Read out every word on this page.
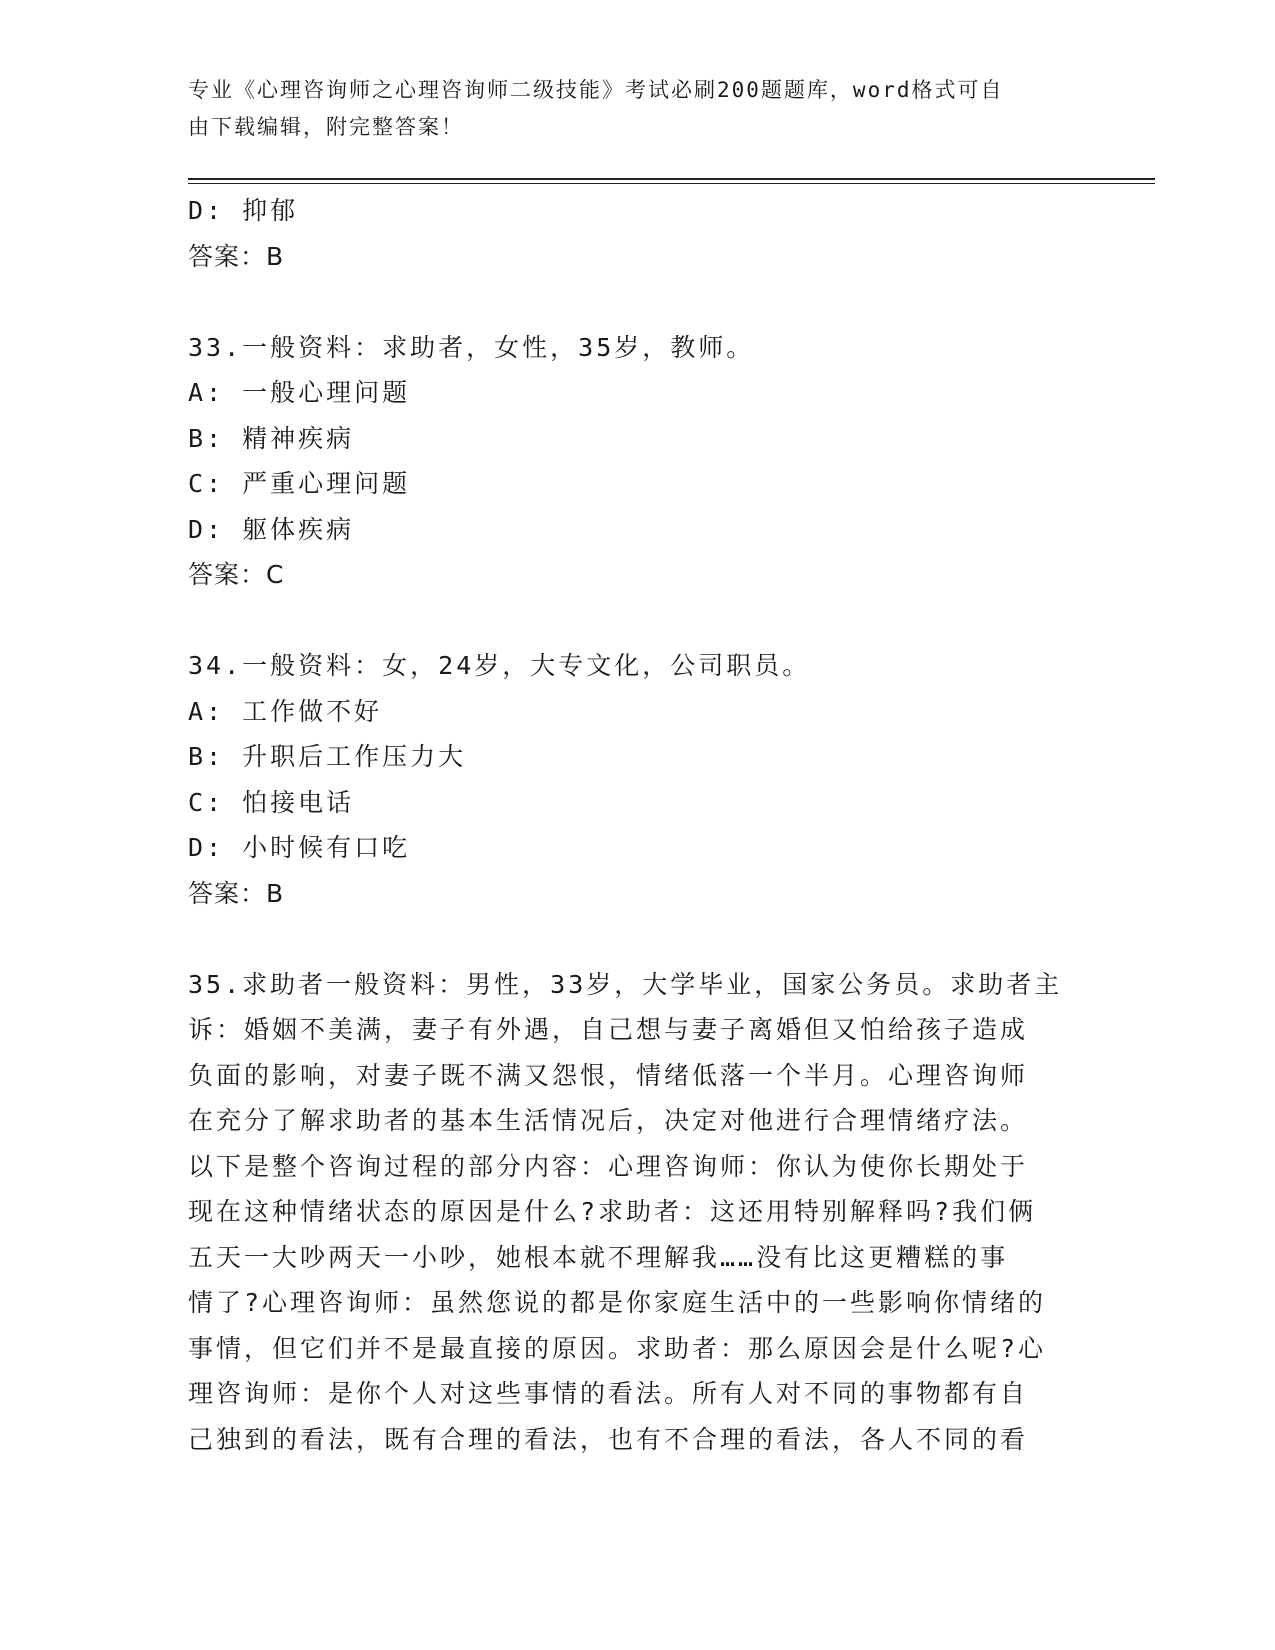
专业《心理咨询师之心理咨询师二级技能》考试必刷200题题库，word格式可自
由下载编辑，附完整答案！

D: 抑郁

答案：B

33.一般资料：求助者，女性，35岁，教师。

A: 一般心理问题

B: 精神疾病

C: 严重心理问题

D: 躯体疾病

答案：C

34.一般资料：女，24岁，大专文化，公司职员。

A: 工作做不好

B: 升职后工作压力大

C: 怕接电话

D: 小时候有口吃

答案：B

35.求助者一般资料：男性，33岁，大学毕业，国家公务员。求助者主

诉：婚姻不美满，妻子有外遇，自己想与妻子离婚但又怕给孩子造成

负面的影响，对妻子既不满又怨恨，情绪低落一个半月。心理咨询师

在充分了解求助者的基本生活情况后，决定对他进行合理情绪疗法。

以下是整个咨询过程的部分内容：心理咨询师：你认为使你长期处于

现在这种情绪状态的原因是什么?求助者：这还用特别解释吗?我们俩

五天一大吵两天一小吵，她根本就不理解我……没有比这更糟糕的事

情了?心理咨询师：虽然您说的都是你家庭生活中的一些影响你情绪的

事情，但它们并不是最直接的原因。求助者：那么原因会是什么呢?心

理咨询师：是你个人对这些事情的看法。所有人对不同的事物都有自

己独到的看法，既有合理的看法，也有不合理的看法，各人不同的看
